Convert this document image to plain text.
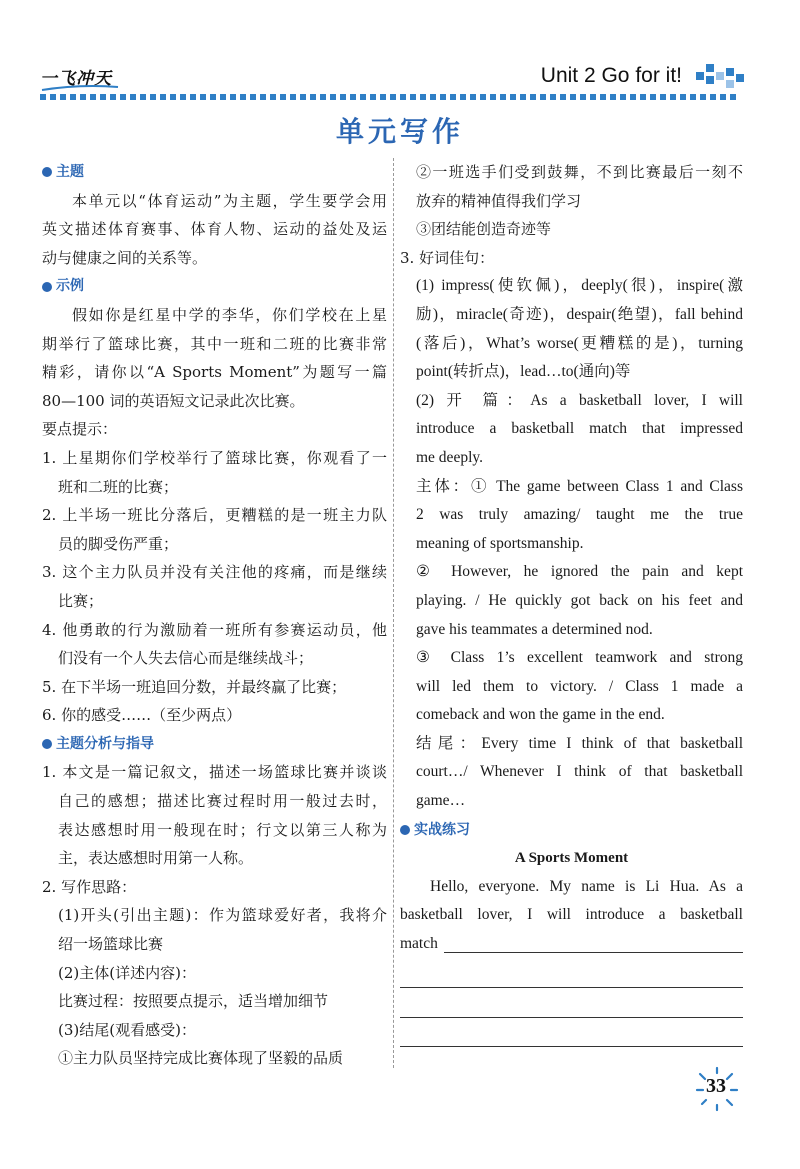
一飞冲天	Unit 2 Go for it!
单元写作
主题
本单元以“体育运动”为主题，学生要学会用
英文描述体育赛事、体育人物、运动的益处及运
动与健康之间的关系等。
示例
假如你是红星中学的李华，你们学校在上星
期举行了篮球比赛，其中一班和二班的比赛非常
精彩，请你以“A Sports Moment”为题写一篇
80—100 词的英语短文记录此次比赛。
要点提示：
1. 上星期你们学校举行了篮球比赛，你观看了一
班和二班的比赛；
2. 上半场一班比分落后，更糟糕的是一班主力队
员的脚受伤严重；
3. 这个主力队员并没有关注他的疼痛，而是继续
比赛；
4. 他勇敢的行为激励着一班所有参赛运动员，他
们没有一个人失去信心而是继续战斗；
5. 在下半场一班追回分数，并最终赢了比赛；
6. 你的感受……（至少两点）
主题分析与指导
1. 本文是一篇记叙文，描述一场篮球比赛并谈谈
自己的感想；描述比赛过程时用一般过去时，
表达感想时用一般现在时；行文以第三人称为
主，表达感想时用第一人称。
2. 写作思路：
(1)开头(引出主题)：作为篮球爱好者，我将介
绍一场篮球比赛
(2)主体(详述内容)：
比赛过程：按照要点提示，适当增加细节
(3)结尾(观看感受)：
①主力队员坚持完成比赛体现了坚毅的品质
②一班选手们受到鼓舞，不到比赛最后一刻不
放弃的精神值得我们学习
③团结能创造奇迹等
3. 好词佳句：
(1) impress(使钦佩)，deeply(很)，inspire(激
励)，miracle(奇迹)，despair(绝望)，fall behind
(落后)，What’s worse(更糟糕的是)，turning
point(转折点)，lead…to(通向)等
(2) 开 篇：As a basketball lover, I will
introduce a basketball match that impressed
me deeply.
主体：① The game between Class 1 and Class
2 was truly amazing/ taught me the true
meaning of sportsmanship.
② However, he ignored the pain and kept
playing. / He quickly got back on his feet and
gave his teammates a determined nod.
③ Class 1’s excellent teamwork and strong
will led them to victory. / Class 1 made a
comeback and won the game in the end.
结尾：Every time I think of that basketball
court…/ Whenever I think of that basketball
game…
实战练习
A Sports Moment
Hello, everyone. My name is Li Hua. As a
basketball lover, I will introduce a basketball
match
33
